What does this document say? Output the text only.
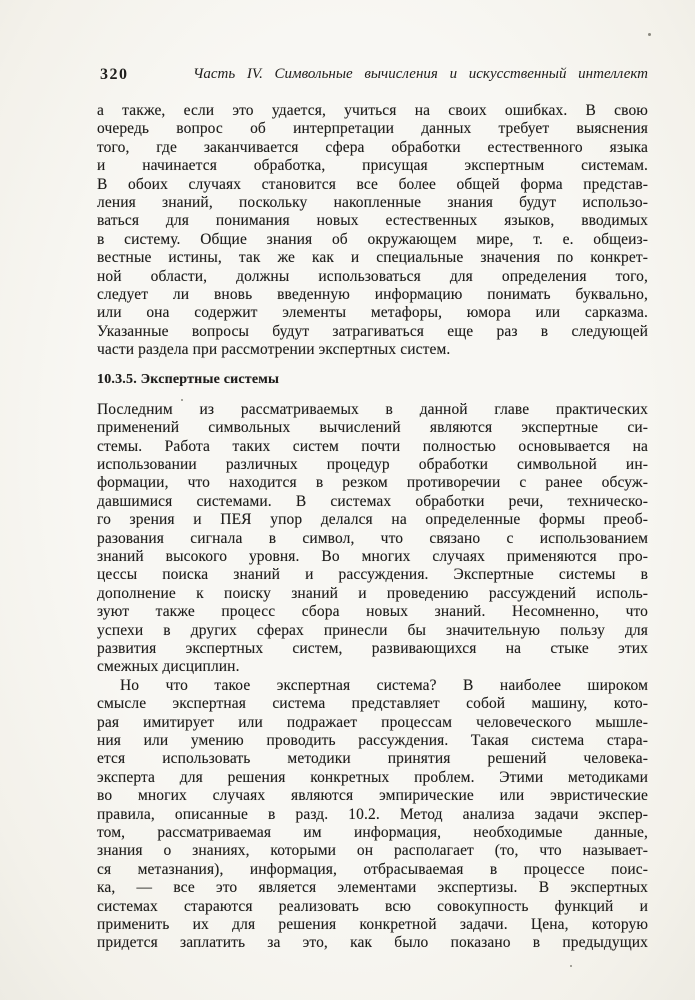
320	Часть IV. Символьные вычисления и искусственный интеллект
а также, если это удается, учиться на своих ошибках. В свою
очередь вопрос об интерпретации данных требует выяснения
того, где заканчивается сфера обработки естественного языка
и начинается обработка, присущая экспертным системам.
В обоих случаях становится все более общей форма представ-
ления знаний, поскольку накопленные знания будут использо-
ваться для понимания новых естественных языков, вводимых
в систему. Общие знания об окружающем мире, т. е. общеиз-
вестные истины, так же как и специальные значения по конкрет-
ной области, должны использоваться для определения того,
следует ли вновь введенную информацию понимать буквально,
или она содержит элементы метафоры, юмора или сарказма.
Указанные вопросы будут затрагиваться еще раз в следующей
части раздела при рассмотрении экспертных систем.
10.3.5. Экспертные системы
Последним из рассматриваемых в данной главе практических
применений символьных вычислений являются экспертные си-
стемы. Работа таких систем почти полностью основывается на
использовании различных процедур обработки символьной ин-
формации, что находится в резком противоречии с ранее обсуж-
давшимися системами. В системах обработки речи, техническо-
го зрения и ПЕЯ упор делался на определенные формы преоб-
разования сигнала в символ, что связано с использованием
знаний высокого уровня. Во многих случаях применяются про-
цессы поиска знаний и рассуждения. Экспертные системы в
дополнение к поиску знаний и проведению рассуждений исполь-
зуют также процесс сбора новых знаний. Несомненно, что
успехи в других сферах принесли бы значительную пользу для
развития экспертных систем, развивающихся на стыке этих
смежных дисциплин.
Но что такое экспертная система? В наиболее широком
смысле экспертная система представляет собой машину, кото-
рая имитирует или подражает процессам человеческого мышле-
ния или умению проводить рассуждения. Такая система стара-
ется использовать методики принятия решений человека-
эксперта для решения конкретных проблем. Этими методиками
во многих случаях являются эмпирические или эвристические
правила, описанные в разд. 10.2. Метод анализа задачи экспер-
том, рассматриваемая им информация, необходимые данные,
знания о знаниях, которыми он располагает (то, что называет-
ся метазнания), информация, отбрасываемая в процессе поис-
ка, — все это является элементами экспертизы. В экспертных
системах стараются реализовать всю совокупность функций и
применить их для решения конкретной задачи. Цена, которую
придется заплатить за это, как было показано в предыдущих
